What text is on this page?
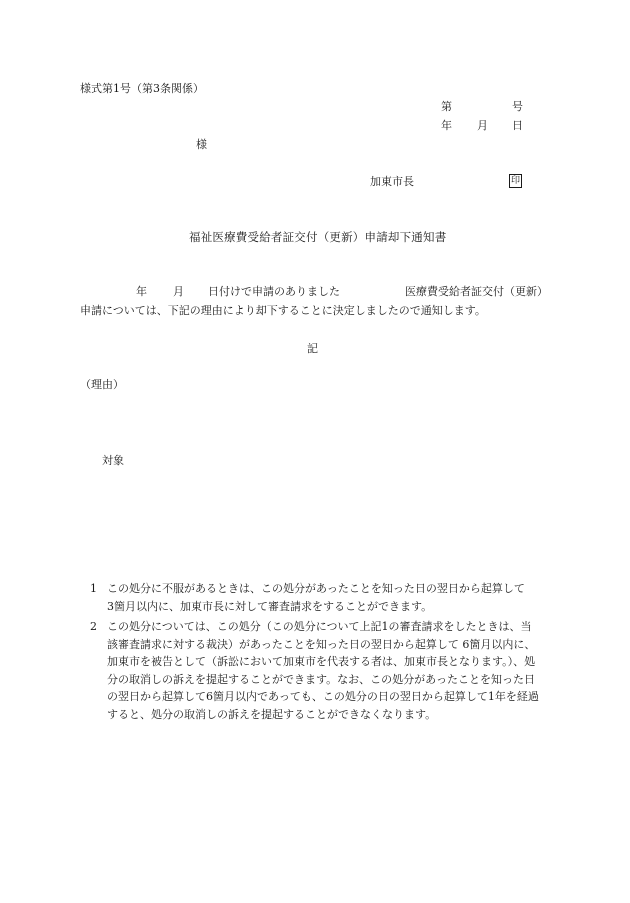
様式第1号（第3条関係）
第	号
年 月 日
様
加東市長	印
福祉医療費受給者証交付（更新）申請却下通知書
年 月 日付けで申請のありました	医療費受給者証交付（更新）
申請については、下記の理由により却下することに決定しましたので通知します。
記
（理由）
対象
1 この処分に不服があるときは、この処分があったことを知った日の翌日から起算して
3箇月以内に、加東市長に対して審査請求をすることができます。
2 この処分については、この処分（この処分について上記1の審査請求をしたときは、当
該審査請求に対する裁決）があったことを知った日の翌日から起算して 6箇月以内に、
加東市を被告として（訴訟において加東市を代表する者は、加東市長となります。）、処
分の取消しの訴えを提起することができます。なお、この処分があったことを知った日
の翌日から起算して6箇月以内であっても、この処分の日の翌日から起算して1年を経過
すると、処分の取消しの訴えを提起することができなくなります。
